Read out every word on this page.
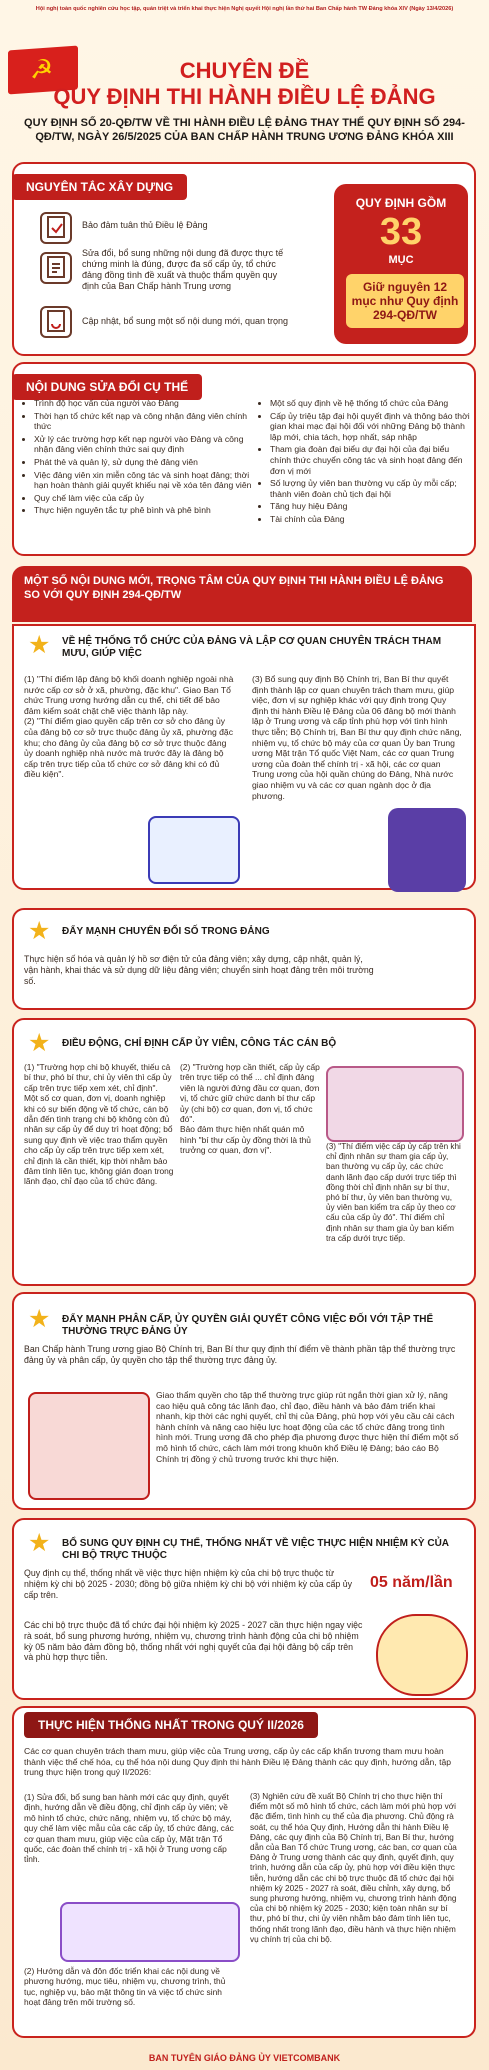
Hội nghị toàn quốc nghiên cứu học tập, quán triệt và triển khai thực hiện Nghị quyết Hội nghị lần thứ hai Ban Chấp hành TW Đảng khóa XIV (Ngày 13/4/2026)
☭	CHUYÊN ĐỀ
QUY ĐỊNH THI HÀNH ĐIỀU LỆ ĐẢNG
QUY ĐỊNH SỐ 20-QĐ/TW VỀ THI HÀNH ĐIỀU LỆ ĐẢNG THAY THẾ QUY ĐỊNH SỐ 294-QĐ/TW, NGÀY 26/5/2025 CỦA BAN CHẤP HÀNH TRUNG ƯƠNG ĐẢNG KHÓA XIII
NGUYÊN TẮC XÂY DỰNG
Bảo đảm tuân thủ Điều lệ Đảng
Sửa đổi, bổ sung những nội dung đã được thực tế chứng minh là đúng, được đa số cấp ủy, tổ chức đảng đồng tình đề xuất và thuộc thẩm quyền quy định của Ban Chấp hành Trung ương
Cập nhật, bổ sung một số nội dung mới, quan trọng
QUY ĐỊNH GỒM
33
MỤC
Giữ nguyên 12 mục như Quy định 294-QĐ/TW
NỘI DUNG SỬA ĐỔI CỤ THỂ
• Trình độ học vấn của người vào Đảng
• Thời hạn tổ chức kết nạp và công nhận đảng viên chính thức
• Xử lý các trường hợp kết nạp người vào Đảng và công nhận đảng viên chính thức sai quy định
• Phát thẻ và quản lý, sử dụng thẻ đảng viên
• Việc đảng viên xin miễn công tác và sinh hoạt đảng; thời hạn hoàn thành giải quyết khiếu nại về xóa tên đảng viên
• Quy chế làm việc của cấp ủy
• Thực hiện nguyên tắc tự phê bình và phê bình
• Một số quy định về hệ thống tổ chức của Đảng
• Cấp ủy triệu tập đại hội quyết định và thông báo thời gian khai mạc đại hội đối với những Đảng bộ thành lập mới, chia tách, hợp nhất, sáp nhập
• Tham gia đoàn đại biểu dự đại hội của đại biểu chính thức chuyển công tác và sinh hoạt đảng đến đơn vị mới
• Số lượng ủy viên ban thường vụ cấp ủy mỗi cấp; thành viên đoàn chủ tịch đại hội
• Tăng huy hiệu Đảng
• Tài chính của Đảng
MỘT SỐ NỘI DUNG MỚI, TRỌNG TÂM CỦA QUY ĐỊNH THI HÀNH ĐIỀU LỆ ĐẢNG SO VỚI QUY ĐỊNH 294-QĐ/TW
★	VỀ HỆ THỐNG TỔ CHỨC CỦA ĐẢNG VÀ LẬP CƠ QUAN CHUYÊN TRÁCH THAM MƯU, GIÚP VIỆC
(1) "Thí điểm lập đảng bộ khối doanh nghiệp ngoài nhà nước cấp cơ sở ở xã, phường, đặc khu". Giao Ban Tổ chức Trung ương hướng dẫn cụ thể, chi tiết để bảo đảm kiểm soát chặt chẽ việc thành lập này.
(2) "Thí điểm giao quyền cấp trên cơ sở cho đảng ủy của đảng bộ cơ sở trực thuộc đảng ủy xã, phường đặc khu; cho đảng ủy của đảng bộ cơ sở trực thuộc đảng ủy doanh nghiệp nhà nước mà trước đây là đảng bộ cấp trên trực tiếp của tổ chức cơ sở đảng khi có đủ điều kiện".
(3) Bổ sung quy định Bộ Chính trị, Ban Bí thư quyết định thành lập cơ quan chuyên trách tham mưu, giúp việc, đơn vị sự nghiệp khác với quy định trong Quy định thi hành Điều lệ Đảng của 06 đảng bộ mới thành lập ở Trung ương và cấp tỉnh phù hợp với tình hình thực tiễn; Bộ Chính trị, Ban Bí thư quy định chức năng, nhiệm vụ, tổ chức bộ máy của cơ quan Ủy ban Trung ương Mặt trận Tổ quốc Việt Nam, các cơ quan Trung ương của đoàn thể chính trị - xã hội, các cơ quan Trung ương của hội quần chúng do Đảng, Nhà nước giao nhiệm vụ và các cơ quan ngành dọc ở địa phương.
★	ĐẨY MẠNH CHUYỂN ĐỔI SỐ TRONG ĐẢNG
Thực hiện số hóa và quản lý hồ sơ điện tử của đảng viên; xây dựng, cập nhật, quản lý, vận hành, khai thác và sử dụng dữ liệu đảng viên; chuyển sinh hoạt đảng trên môi trường số.
★	ĐIỀU ĐỘNG, CHỈ ĐỊNH CẤP ỦY VIÊN, CÔNG TÁC CÁN BỘ
(1) "Trường hợp chi bộ khuyết, thiếu cả bí thư, phó bí thư, chi ủy viên thì cấp ủy cấp trên trực tiếp xem xét, chỉ định". Một số cơ quan, đơn vị, doanh nghiệp khi có sự biến động về tổ chức, cán bộ dẫn đến tình trạng chi bộ không còn đủ nhân sự cấp ủy để duy trì hoạt động; bổ sung quy định về việc trao thẩm quyền cho cấp ủy cấp trên trực tiếp xem xét, chỉ định là cần thiết, kịp thời nhằm bảo đảm tính liên tục, không gián đoạn trong lãnh đạo, chỉ đạo của tổ chức đảng.
(2) "Trường hợp cần thiết, cấp ủy cấp trên trực tiếp có thể ... chỉ định đảng viên là người đứng đầu cơ quan, đơn vị, tổ chức giữ chức danh bí thư cấp ủy (chi bộ) cơ quan, đơn vị, tổ chức đó".
Bảo đảm thực hiện nhất quán mô hình "bí thư cấp ủy đồng thời là thủ trưởng cơ quan, đơn vị".	(3) "Thí điểm việc cấp ủy cấp trên khi chỉ định nhân sự tham gia cấp ủy, ban thường vụ cấp ủy, các chức danh lãnh đạo cấp dưới trực tiếp thì đồng thời chỉ định nhân sự bí thư, phó bí thư, ủy viên ban thường vụ, ủy viên ban kiểm tra cấp ủy theo cơ cấu của cấp ủy đó". Thí điểm chỉ định nhân sự tham gia ủy ban kiểm tra cấp dưới trực tiếp.
★	ĐẨY MẠNH PHÂN CẤP, ỦY QUYỀN GIẢI QUYẾT CÔNG VIỆC ĐỐI VỚI TẬP THỂ THƯỜNG TRỰC ĐẢNG ỦY
Ban Chấp hành Trung ương giao Bộ Chính trị, Ban Bí thư quy định thí điểm về thành phần tập thể thường trực đảng ủy và phân cấp, ủy quyền cho tập thể thường trực đảng ủy.
Giao thẩm quyền cho tập thể thường trực giúp rút ngắn thời gian xử lý, nâng cao hiệu quả công tác lãnh đạo, chỉ đạo, điều hành và bảo đảm triển khai nhanh, kịp thời các nghị quyết, chỉ thị của Đảng, phù hợp với yêu cầu cải cách hành chính và nâng cao hiệu lực hoạt động của các tổ chức đảng trong tình hình mới. Trung ương đã cho phép địa phương được thực hiện thí điểm một số mô hình tổ chức, cách làm mới trong khuôn khổ Điều lệ Đảng; báo cáo Bộ Chính trị đồng ý chủ trương trước khi thực hiện.
★	BỔ SUNG QUY ĐỊNH CỤ THỂ, THỐNG NHẤT VỀ VIỆC THỰC HIỆN NHIỆM KỲ CỦA CHI BỘ TRỰC THUỘC
Quy định cụ thể, thống nhất về việc thực hiện nhiệm kỳ của chi bộ trực thuộc từ nhiệm kỳ chi bộ 2025 - 2030; đồng bộ giữa nhiệm kỳ chi bộ với nhiệm kỳ của cấp ủy cấp trên.
05 năm/lần
Các chi bộ trực thuộc đã tổ chức đại hội nhiệm kỳ 2025 - 2027 cần thực hiện ngay việc rà soát, bổ sung phương hướng, nhiệm vụ, chương trình hành động của chi bộ nhiệm kỳ 05 năm bảo đảm đồng bộ, thống nhất với nghị quyết của đại hội đảng bộ cấp trên và phù hợp thực tiễn.
THỰC HIỆN THỐNG NHẤT TRONG QUÝ II/2026
Các cơ quan chuyên trách tham mưu, giúp việc của Trung ương, cấp ủy các cấp khẩn trương tham mưu hoàn thành việc thể chế hóa, cụ thể hóa nội dung Quy định thi hành Điều lệ Đảng thành các quy định, hướng dẫn, tập trung thực hiện trong quý II/2026:
(1) Sửa đổi, bổ sung ban hành mới các quy định, quyết định, hướng dẫn về điều động, chỉ định cấp ủy viên; về mô hình tổ chức, chức năng, nhiệm vụ, tổ chức bộ máy, quy chế làm việc mẫu của các cấp ủy, tổ chức đảng, các cơ quan tham mưu, giúp việc của cấp ủy, Mặt trận Tổ quốc, các đoàn thể chính trị - xã hội ở Trung ương cấp tỉnh.
(2) Hướng dẫn và đôn đốc triển khai các nội dung về phương hướng, mục tiêu, nhiệm vụ, chương trình, thủ tục, nghiệp vụ, bảo mật thông tin và việc tổ chức sinh hoạt đảng trên môi trường số.
(3) Nghiên cứu đề xuất Bộ Chính trị cho thực hiện thí điểm một số mô hình tổ chức, cách làm mới phù hợp với đặc điểm, tình hình cụ thể của địa phương. Chủ động rà soát, cụ thể hóa Quy định, Hướng dẫn thi hành Điều lệ Đảng, các quy định của Bộ Chính trị, Ban Bí thư, hướng dẫn của Ban Tổ chức Trung ương, các ban, cơ quan của Đảng ở Trung ương thành các quy định, quyết định, quy trình, hướng dẫn của cấp ủy, phù hợp với điều kiện thực tiễn, hướng dẫn các chi bộ trực thuộc đã tổ chức đại hội nhiệm kỳ 2025 - 2027 rà soát, điều chỉnh, xây dựng, bổ sung phương hướng, nhiệm vụ, chương trình hành động của chi bộ nhiệm kỳ 2025 - 2030; kiện toàn nhân sự bí thư, phó bí thư, chi ủy viên nhằm bảo đảm tính liên tục, thống nhất trong lãnh đạo, điều hành và thực hiện nhiệm vụ chính trị của chi bộ.
BAN TUYÊN GIÁO ĐẢNG ỦY VIETCOMBANK
